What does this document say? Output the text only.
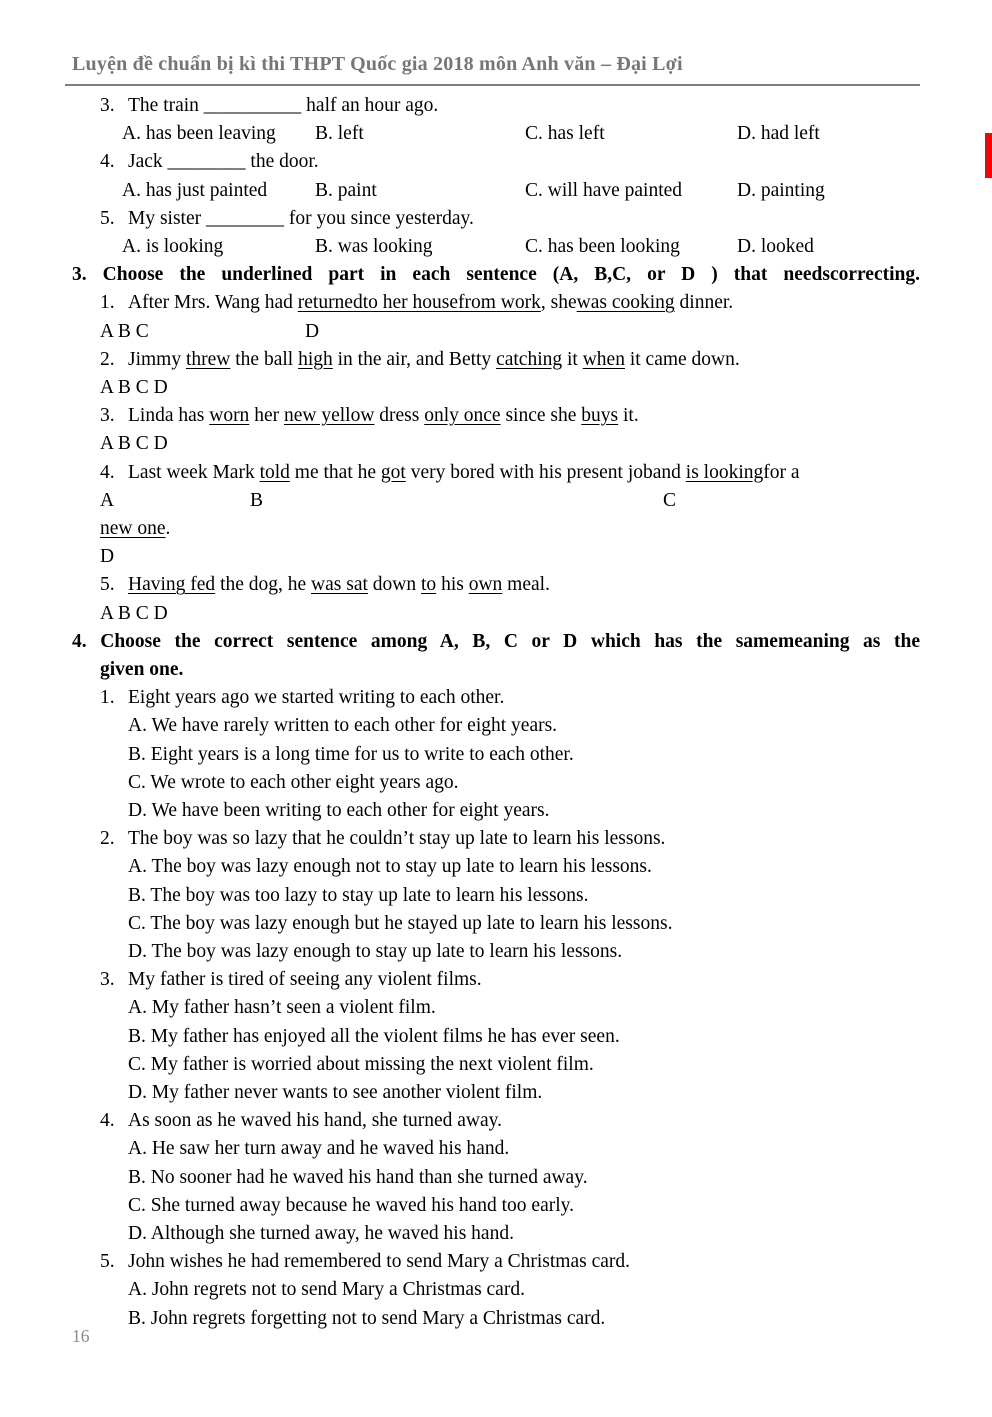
Luyện đề chuẩn bị kì thi THPT Quốc gia 2018 môn Anh văn – Đại Lợi
3. The train __________ half an hour ago.
A. has been leaving B. left	C. has left	D. had left
4. Jack ________ the door.
A. has just painted B. paint	C. will have painted	D. painting
5. My sister ________ for you since yesterday.
A. is looking	B. was looking	C. has been looking	D. looked
3. Choose the underlined part in each sentence (A, B,C, or D ) that needscorrecting.
1. After Mrs. Wang had returnedto her housefrom work, shewas cooking dinner.
A B C	D
2. Jimmy threw the ball high in the air, and Betty catching it when it came down.
A B C D
3. Linda has worn her new yellow dress only once since she buys it.
A B C D
4. Last week Mark told me that he got very bored with his present joband is lookingfor a
A	B	C
new one.
D
5. Having fed the dog, he was sat down to his own meal.
A B C D
4. Choose the correct sentence among A, B, C or D which has the samemeaning as the
given one.
1. Eight years ago we started writing to each other.
A. We have rarely written to each other for eight years.
B. Eight years is a long time for us to write to each other.
C. We wrote to each other eight years ago.
D. We have been writing to each other for eight years.
2. The boy was so lazy that he couldn’t stay up late to learn his lessons.
A. The boy was lazy enough not to stay up late to learn his lessons.
B. The boy was too lazy to stay up late to learn his lessons.
C. The boy was lazy enough but he stayed up late to learn his lessons.
D. The boy was lazy enough to stay up late to learn his lessons.
3. My father is tired of seeing any violent films.
A. My father hasn’t seen a violent film.
B. My father has enjoyed all the violent films he has ever seen.
C. My father is worried about missing the next violent film.
D. My father never wants to see another violent film.
4. As soon as he waved his hand, she turned away.
A. He saw her turn away and he waved his hand.
B. No sooner had he waved his hand than she turned away.
C. She turned away because he waved his hand too early.
D. Although she turned away, he waved his hand.
5. John wishes he had remembered to send Mary a Christmas card.
A. John regrets not to send Mary a Christmas card.
B. John regrets forgetting not to send Mary a Christmas card.
16
